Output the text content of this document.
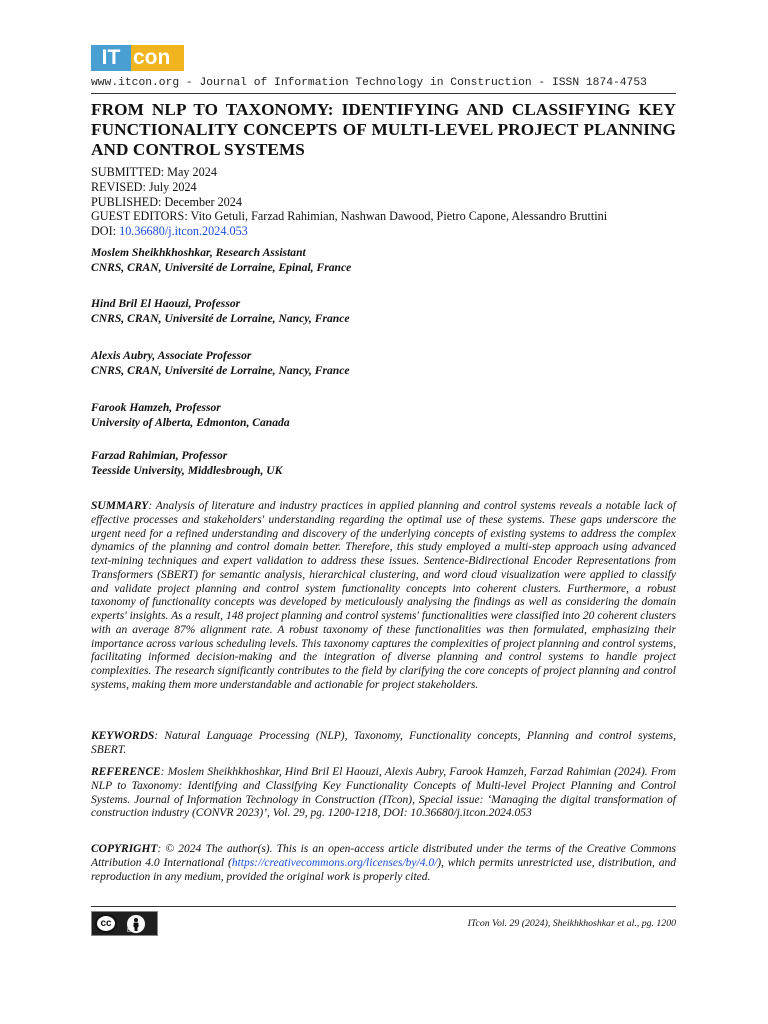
IT con
www.itcon.org - Journal of Information Technology in Construction - ISSN 1874-4753
FROM NLP TO TAXONOMY: IDENTIFYING AND CLASSIFYING KEY FUNCTIONALITY CONCEPTS OF MULTI-LEVEL PROJECT PLANNING AND CONTROL SYSTEMS
SUBMITTED: May 2024
REVISED: July 2024
PUBLISHED: December 2024
GUEST EDITORS: Vito Getuli, Farzad Rahimian, Nashwan Dawood, Pietro Capone, Alessandro Bruttini
DOI: 10.36680/j.itcon.2024.053
Moslem Sheikhkhoshkar, Research Assistant
CNRS, CRAN, Université de Lorraine, Epinal, France
Hind Bril El Haouzi, Professor
CNRS, CRAN, Université de Lorraine, Nancy, France
Alexis Aubry, Associate Professor
CNRS, CRAN, Université de Lorraine, Nancy, France
Farook Hamzeh, Professor
University of Alberta, Edmonton, Canada
Farzad Rahimian, Professor
Teesside University, Middlesbrough, UK
SUMMARY: Analysis of literature and industry practices in applied planning and control systems reveals a notable lack of effective processes and stakeholders' understanding regarding the optimal use of these systems. These gaps underscore the urgent need for a refined understanding and discovery of the underlying concepts of existing systems to address the complex dynamics of the planning and control domain better. Therefore, this study employed a multi-step approach using advanced text-mining techniques and expert validation to address these issues. Sentence-Bidirectional Encoder Representations from Transformers (SBERT) for semantic analysis, hierarchical clustering, and word cloud visualization were applied to classify and validate project planning and control system functionality concepts into coherent clusters. Furthermore, a robust taxonomy of functionality concepts was developed by meticulously analysing the findings as well as considering the domain experts' insights. As a result, 148 project planning and control systems' functionalities were classified into 20 coherent clusters with an average 87% alignment rate. A robust taxonomy of these functionalities was then formulated, emphasizing their importance across various scheduling levels. This taxonomy captures the complexities of project planning and control systems, facilitating informed decision-making and the integration of diverse planning and control systems to handle project complexities. The research significantly contributes to the field by clarifying the core concepts of project planning and control systems, making them more understandable and actionable for project stakeholders.
KEYWORDS: Natural Language Processing (NLP), Taxonomy, Functionality concepts, Planning and control systems, SBERT.
REFERENCE: Moslem Sheikhkhoshkar, Hind Bril El Haouzi, Alexis Aubry, Farook Hamzeh, Farzad Rahimian (2024). From NLP to Taxonomy: Identifying and Classifying Key Functionality Concepts of Multi-level Project Planning and Control Systems. Journal of Information Technology in Construction (ITcon), Special issue: ‘Managing the digital transformation of construction industry (CONVR 2023)’, Vol. 29, pg. 1200-1218, DOI: 10.36680/j.itcon.2024.053
COPYRIGHT: © 2024 The author(s). This is an open-access article distributed under the terms of the Creative Commons Attribution 4.0 International (https://creativecommons.org/licenses/by/4.0/), which permits unrestricted use, distribution, and reproduction in any medium, provided the original work is properly cited.
cc
BY
ITcon Vol. 29 (2024), Sheikhkhoshkar et al., pg. 1200
